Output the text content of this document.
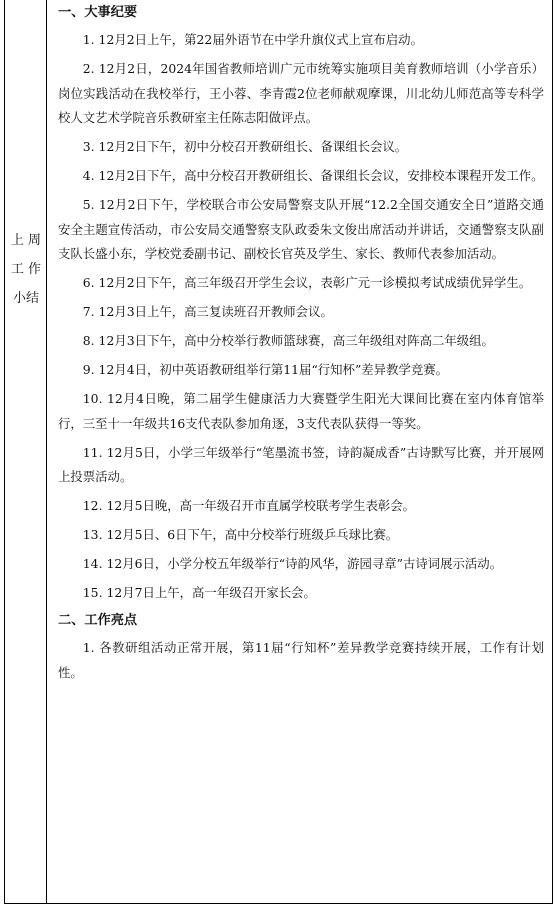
上 周
工 作
小结
一、大事纪要

1. 12月2日上午，第22届外语节在中学升旗仪式上宣布启动。

2. 12月2日，2024年国省教师培训广元市统筹实施项目美育教师培训（小学音乐）岗位实践活动在我校举行，王小蓉、李青霞2位老师献观摩课，川北幼儿师范高等专科学校人文艺术学院音乐教研室主任陈志阳做评点。

3. 12月2日下午，初中分校召开教研组长、备课组长会议。

4. 12月2日下午，高中分校召开教研组长、备课组长会议，安排校本课程开发工作。

5. 12月2日下午，学校联合市公安局警察支队开展“12.2全国交通安全日”道路交通安全主题宣传活动，市公安局交通警察支队政委朱文俊出席活动并讲话，交通警察支队副支队长盛小东，学校党委副书记、副校长官英及学生、家长、教师代表参加活动。

6. 12月2日下午，高三年级召开学生会议，表彰广元一诊模拟考试成绩优异学生。

7. 12月3日上午，高三复读班召开教师会议。

8. 12月3日下午，高中分校举行教师篮球赛，高三年级组对阵高二年级组。

9. 12月4日，初中英语教研组举行第11届“行知杯”差异教学竞赛。

10. 12月4日晚，第二届学生健康活力大赛暨学生阳光大课间比赛在室内体育馆举行，三至十一年级共16支代表队参加角逐，3支代表队获得一等奖。

11. 12月5日，小学三年级举行“笔墨流书签，诗韵凝成香”古诗默写比赛，并开展网上投票活动。

12. 12月5日晚，高一年级召开市直属学校联考学生表彰会。

13. 12月5日、6日下午，高中分校举行班级乒乓球比赛。

14. 12月6日，小学分校五年级举行“诗韵风华，游园寻章”古诗词展示活动。

15. 12月7日上午，高一年级召开家长会。

二、工作亮点

1. 各教研组活动正常开展，第11届“行知杯”差异教学竞赛持续开展，工作有计划性。
